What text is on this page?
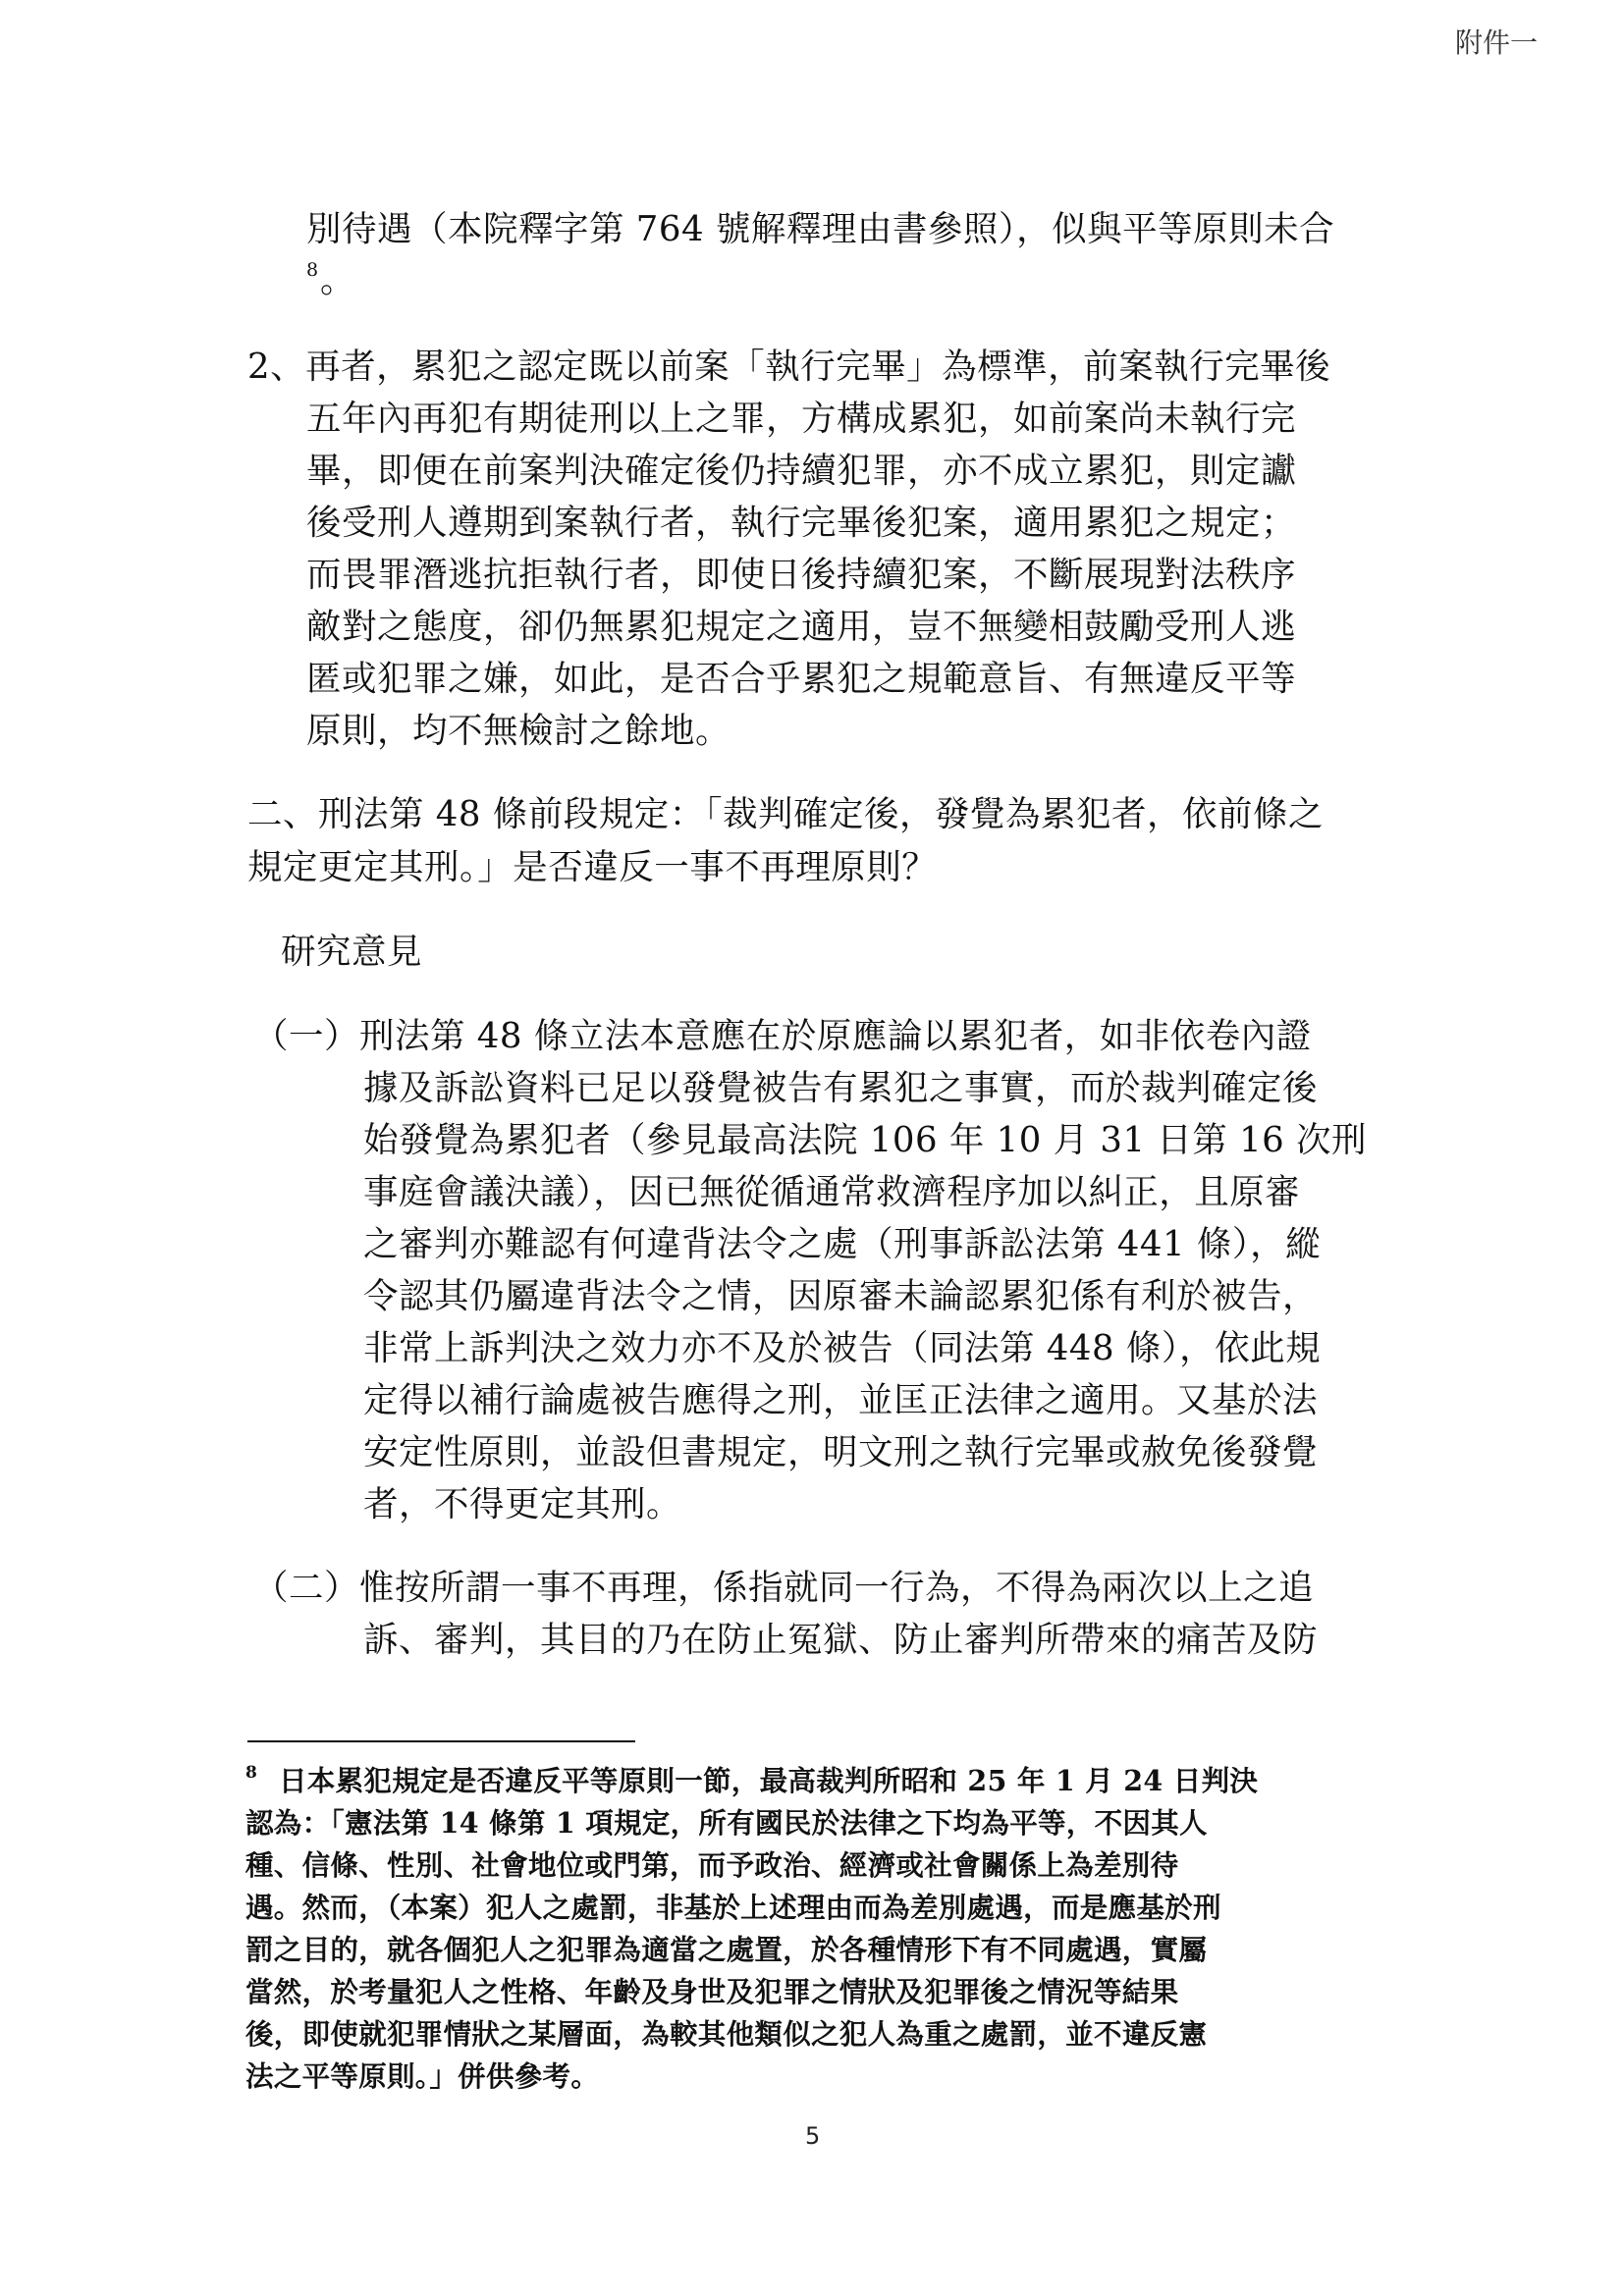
附件一
別待遇（本院釋字第 764 號解釋理由書參照），似與平等原則未合
8 。
2、再者，累犯之認定既以前案「執行完畢」為標準，前案執行完畢後
五年內再犯有期徒刑以上之罪，方構成累犯，如前案尚未執行完
畢，即便在前案判決確定後仍持續犯罪，亦不成立累犯，則定讞
後受刑人遵期到案執行者，執行完畢後犯案，適用累犯之規定；
而畏罪潛逃抗拒執行者，即使日後持續犯案，不斷展現對法秩序
敵對之態度，卻仍無累犯規定之適用，豈不無變相鼓勵受刑人逃
匿或犯罪之嫌，如此，是否合乎累犯之規範意旨、有無違反平等
原則，均不無檢討之餘地。
二、刑法第 48 條前段規定：「裁判確定後，發覺為累犯者，依前條之
規定更定其刑。」是否違反一事不再理原則？
研究意見
（一）刑法第 48 條立法本意應在於原應論以累犯者，如非依卷內證
據及訴訟資料已足以發覺被告有累犯之事實，而於裁判確定後
始發覺為累犯者（參見最高法院 106 年 10 月 31 日第 16 次刑
事庭會議決議），因已無從循通常救濟程序加以糾正，且原審
之審判亦難認有何違背法令之處（刑事訴訟法第 441 條），縱
令認其仍屬違背法令之情，因原審未論認累犯係有利於被告，
非常上訴判決之效力亦不及於被告（同法第 448 條），依此規
定得以補行論處被告應得之刑，並匡正法律之適用。又基於法
安定性原則，並設但書規定，明文刑之執行完畢或赦免後發覺
者，不得更定其刑。
（二）惟按所謂一事不再理，係指就同一行為，不得為兩次以上之追
訴、審判，其目的乃在防止冤獄、防止審判所帶來的痛苦及防
8 日本累犯規定是否違反平等原則一節，最高裁判所昭和 25 年 1 月 24 日判決
認為：「憲法第 14 條第 1 項規定，所有國民於法律之下均為平等，不因其人
種、信條、性別、社會地位或門第，而予政治、經濟或社會關係上為差別待
遇。然而，（本案）犯人之處罰，非基於上述理由而為差別處遇，而是應基於刑
罰之目的，就各個犯人之犯罪為適當之處置，於各種情形下有不同處遇，實屬
當然，於考量犯人之性格、年齡及身世及犯罪之情狀及犯罪後之情況等結果
後，即使就犯罪情狀之某層面，為較其他類似之犯人為重之處罰，並不違反憲
法之平等原則。」併供參考。
5
